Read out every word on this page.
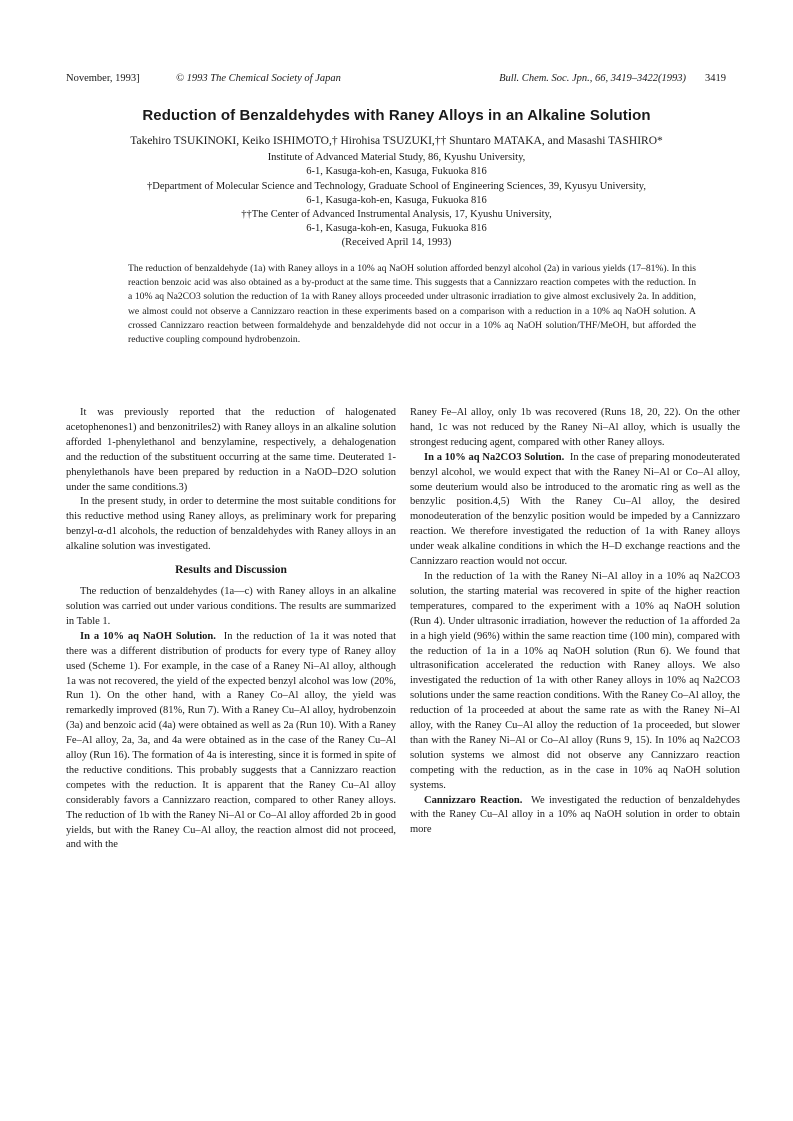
November, 1993]	© 1993 The Chemical Society of Japan	Bull. Chem. Soc. Jpn., 66, 3419–3422(1993) 3419
Reduction of Benzaldehydes with Raney Alloys in an Alkaline Solution
Takehiro TSUKINOKI, Keiko ISHIMOTO,† Hirohisa TSUZUKI,†† Shuntaro MATAKA, and Masashi TASHIRO*
Institute of Advanced Material Study, 86, Kyushu University,
6-1, Kasuga-koh-en, Kasuga, Fukuoka 816
†Department of Molecular Science and Technology, Graduate School of Engineering Sciences, 39, Kyusyu University,
6-1, Kasuga-koh-en, Kasuga, Fukuoka 816
††The Center of Advanced Instrumental Analysis, 17, Kyushu University,
6-1, Kasuga-koh-en, Kasuga, Fukuoka 816
(Received April 14, 1993)
The reduction of benzaldehyde (1a) with Raney alloys in a 10% aq NaOH solution afforded benzyl alcohol (2a) in various yields (17–81%). In this reaction benzoic acid was also obtained as a by-product at the same time. This suggests that a Cannizzaro reaction competes with the reduction. In a 10% aq Na2CO3 solution the reduction of 1a with Raney alloys proceeded under ultrasonic irradiation to give almost exclusively 2a. In addition, we almost could not observe a Cannizzaro reaction in these experiments based on a comparison with a reduction in a 10% aq NaOH solution. A crossed Cannizzaro reaction between formaldehyde and benzaldehyde did not occur in a 10% aq NaOH solution/THF/MeOH, but afforded the reductive coupling compound hydrobenzoin.

It was previously reported that the reduction of halogenated acetophenones1) and benzonitriles2) with Raney alloys in an alkaline solution afforded 1-phenylethanol and benzylamine, respectively, a dehalogenation and the reduction of the substituent occurring at the same time. Deuterated 1-phenylethanols have been prepared by reduction in a NaOD–D2O solution under the same conditions.3)

In the present study, in order to determine the most suitable conditions for this reductive method using Raney alloys, as preliminary work for preparing benzyl-α-d1 alcohols, the reduction of benzaldehydes with Raney alloys in an alkaline solution was investigated.

Results and Discussion

The reduction of benzaldehydes (1a—c) with Raney alloys in an alkaline solution was carried out under various conditions. The results are summarized in Table 1.

In a 10% aq NaOH Solution. In the reduction of 1a it was noted that there was a different distribution of products for every type of Raney alloy used (Scheme 1). For example, in the case of a Raney Ni–Al alloy, although 1a was not recovered, the yield of the expected benzyl alcohol was low (20%, Run 1). On the other hand, with a Raney Co–Al alloy, the yield was remarkedly improved (81%, Run 7). With a Raney Cu–Al alloy, hydrobenzoin (3a) and benzoic acid (4a) were obtained as well as 2a (Run 10). With a Raney Fe–Al alloy, 2a, 3a, and 4a were obtained as in the case of the Raney Cu–Al alloy (Run 16). The formation of 4a is interesting, since it is formed in spite of the reductive conditions. This probably suggests that a Cannizzaro reaction competes with the reduction. It is apparent that the Raney Cu–Al alloy considerably favors a Cannizzaro reaction, compared to other Raney alloys. The reduction of 1b with the Raney Ni–Al or Co–Al alloy afforded 2b in good yields, but with the Raney Cu–Al alloy, the reaction almost did not proceed, and with the

Raney Fe–Al alloy, only 1b was recovered (Runs 18, 20, 22). On the other hand, 1c was not reduced by the Raney Ni–Al alloy, which is usually the strongest reducing agent, compared with other Raney alloys.

In a 10% aq Na2CO3 Solution. In the case of preparing monodeuterated benzyl alcohol, we would expect that with the Raney Ni–Al or Co–Al alloy, some deuterium would also be introduced to the aromatic ring as well as the benzylic position.4,5) With the Raney Cu–Al alloy, the desired monodeuteration of the benzylic position would be impeded by a Cannizzaro reaction. We therefore investigated the reduction of 1a with Raney alloys under weak alkaline conditions in which the H–D exchange reactions and the Cannizzaro reaction would not occur.

In the reduction of 1a with the Raney Ni–Al alloy in a 10% aq Na2CO3 solution, the starting material was recovered in spite of the higher reaction temperatures, compared to the experiment with a 10% aq NaOH solution (Run 4). Under ultrasonic irradiation, however the reduction of 1a afforded 2a in a high yield (96%) within the same reaction time (100 min), compared with the reduction of 1a in a 10% aq NaOH solution (Run 6). We found that ultrasonification accelerated the reduction with Raney alloys. We also investigated the reduction of 1a with other Raney alloys in 10% aq Na2CO3 solutions under the same reaction conditions. With the Raney Co–Al alloy, the reduction of 1a proceeded at about the same rate as with the Raney Ni–Al alloy, with the Raney Cu–Al alloy the reduction of 1a proceeded, but slower than with the Raney Ni–Al or Co–Al alloy (Runs 9, 15). In 10% aq Na2CO3 solution systems we almost did not observe any Cannizzaro reaction competing with the reduction, as in the case in 10% aq NaOH solution systems.

Cannizzaro Reaction. We investigated the reduction of benzaldehydes with the Raney Cu–Al alloy in a 10% aq NaOH solution in order to obtain more
